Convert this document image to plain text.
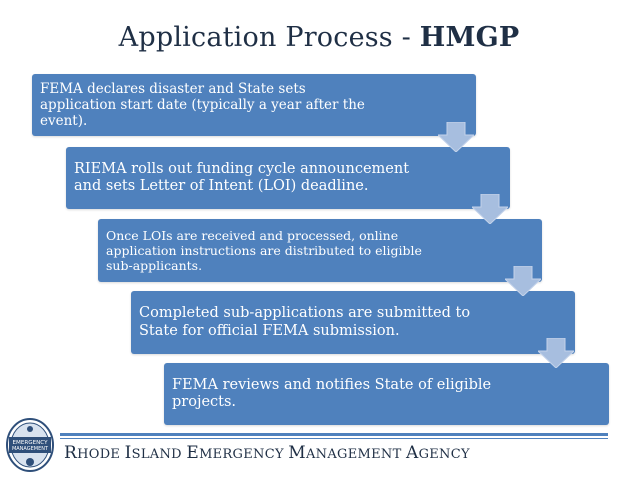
Application Process - HMGP
FEMA declares disaster and State sets
application start date (typically a year after the
event).
RIEMA rolls out funding cycle announcement
and sets Letter of Intent (LOI) deadline.
Once LOIs are received and processed, online
application instructions are distributed to eligible
sub-applicants.
Completed sub-applications are submitted to
State for official FEMA submission.
FEMA reviews and notifies State of eligible
projects.
EMERGENCY
MANAGEMENT RHODE ISLAND EMERGENCY MANAGEMENT AGENCY
